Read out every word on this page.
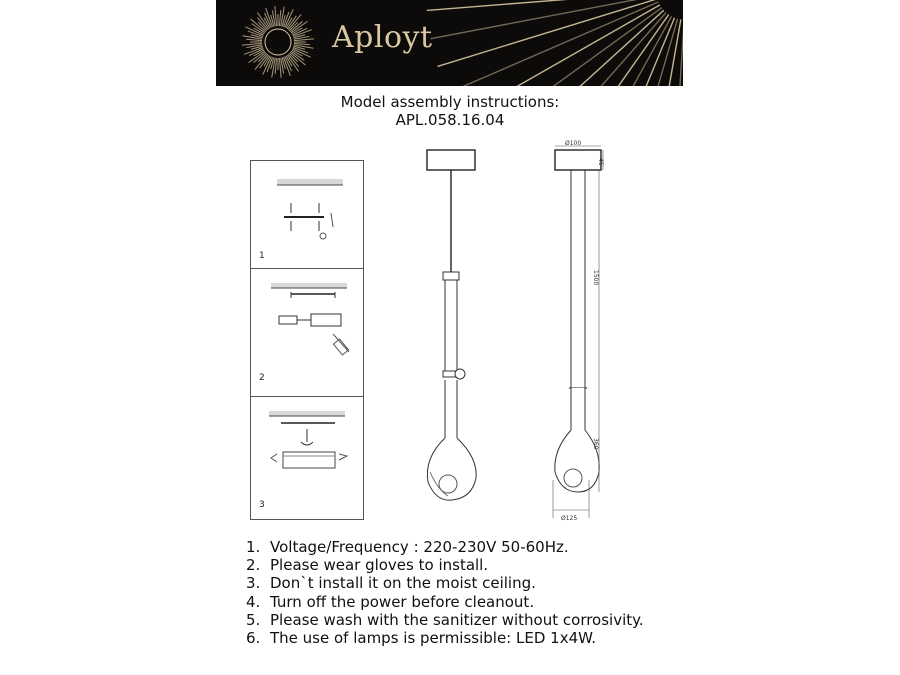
Aployt
Model assembly instructions:
APL.058.16.04
1
2
3
Ø100
45
1500
360
Ø125
1. Voltage/Frequency : 220-230V 50-60Hz.
2. Please wear gloves to install.
3. Don`t install it on the moist ceiling.
4. Turn off the power before cleanout.
5. Please wash with the sanitizer without corrosivity.
6. The use of lamps is permissible: LED 1x4W.
